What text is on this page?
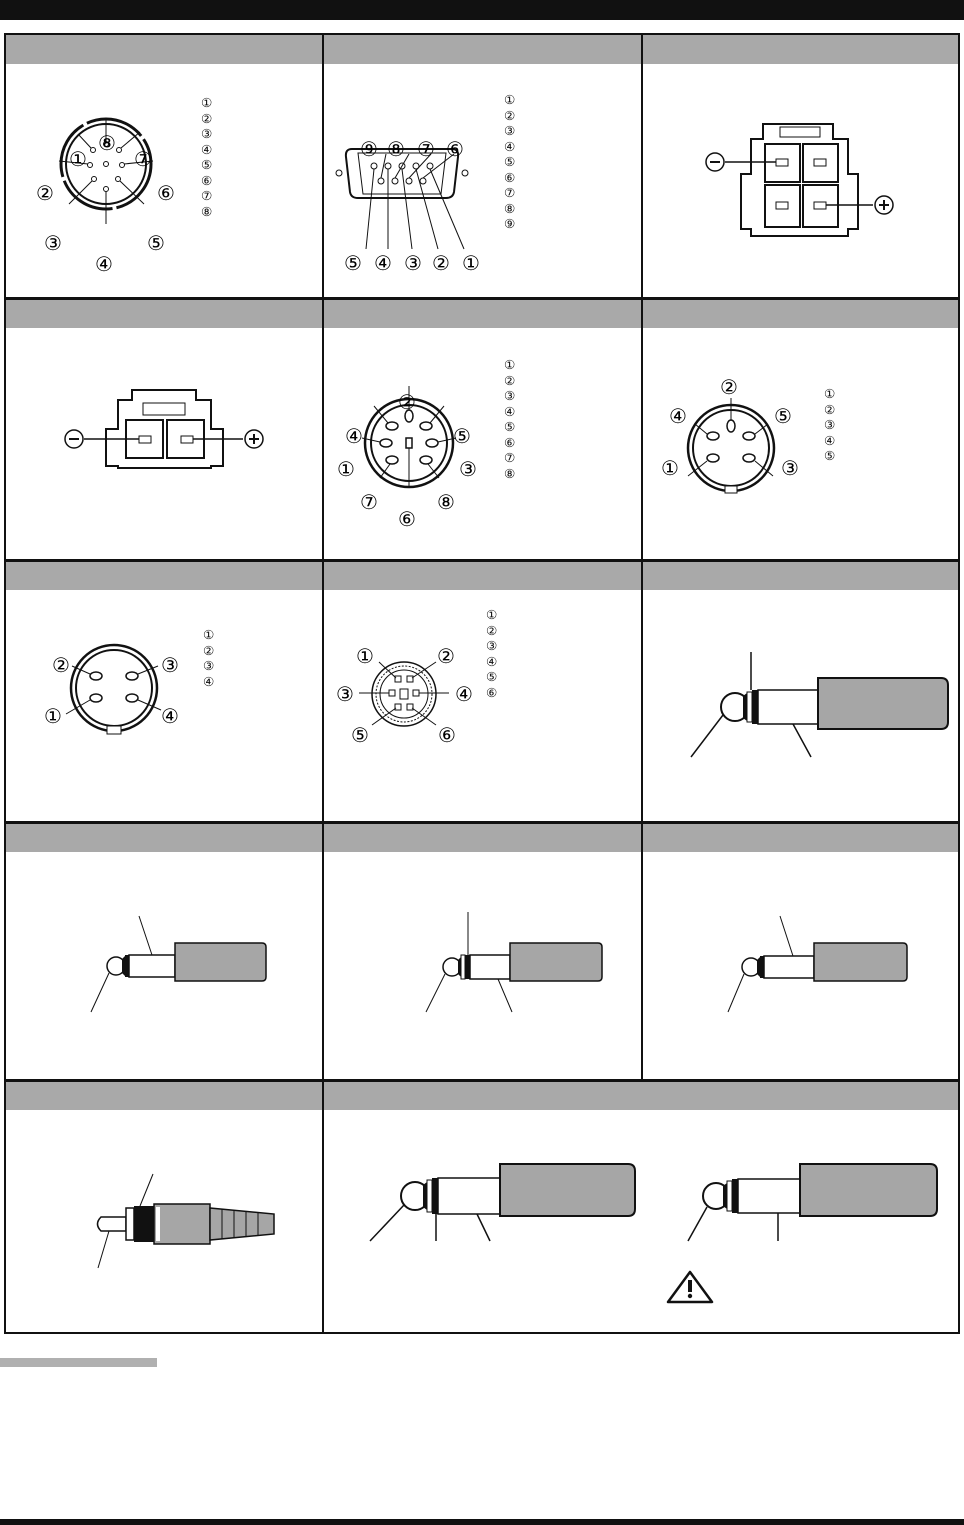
①
⑧
⑦
②	⑥
③	⑤
④
①
②
③
④
⑤
⑥
⑦
⑧
⑨ ⑧ ⑦ ⑥
⑤ ④ ③ ② ①
①
②
③
④
⑤
⑥
⑦
⑧
⑨
②
④	⑤
①	③
⑦	⑧
⑥
①
②
③
④
⑤
⑥
⑦
⑧
②
④	⑤
①	③
①
②
③
④
⑤
②	③
①	④
①
②
③
④
①	②
③	④
⑤	⑥
①
②
③
④
⑤
⑥
